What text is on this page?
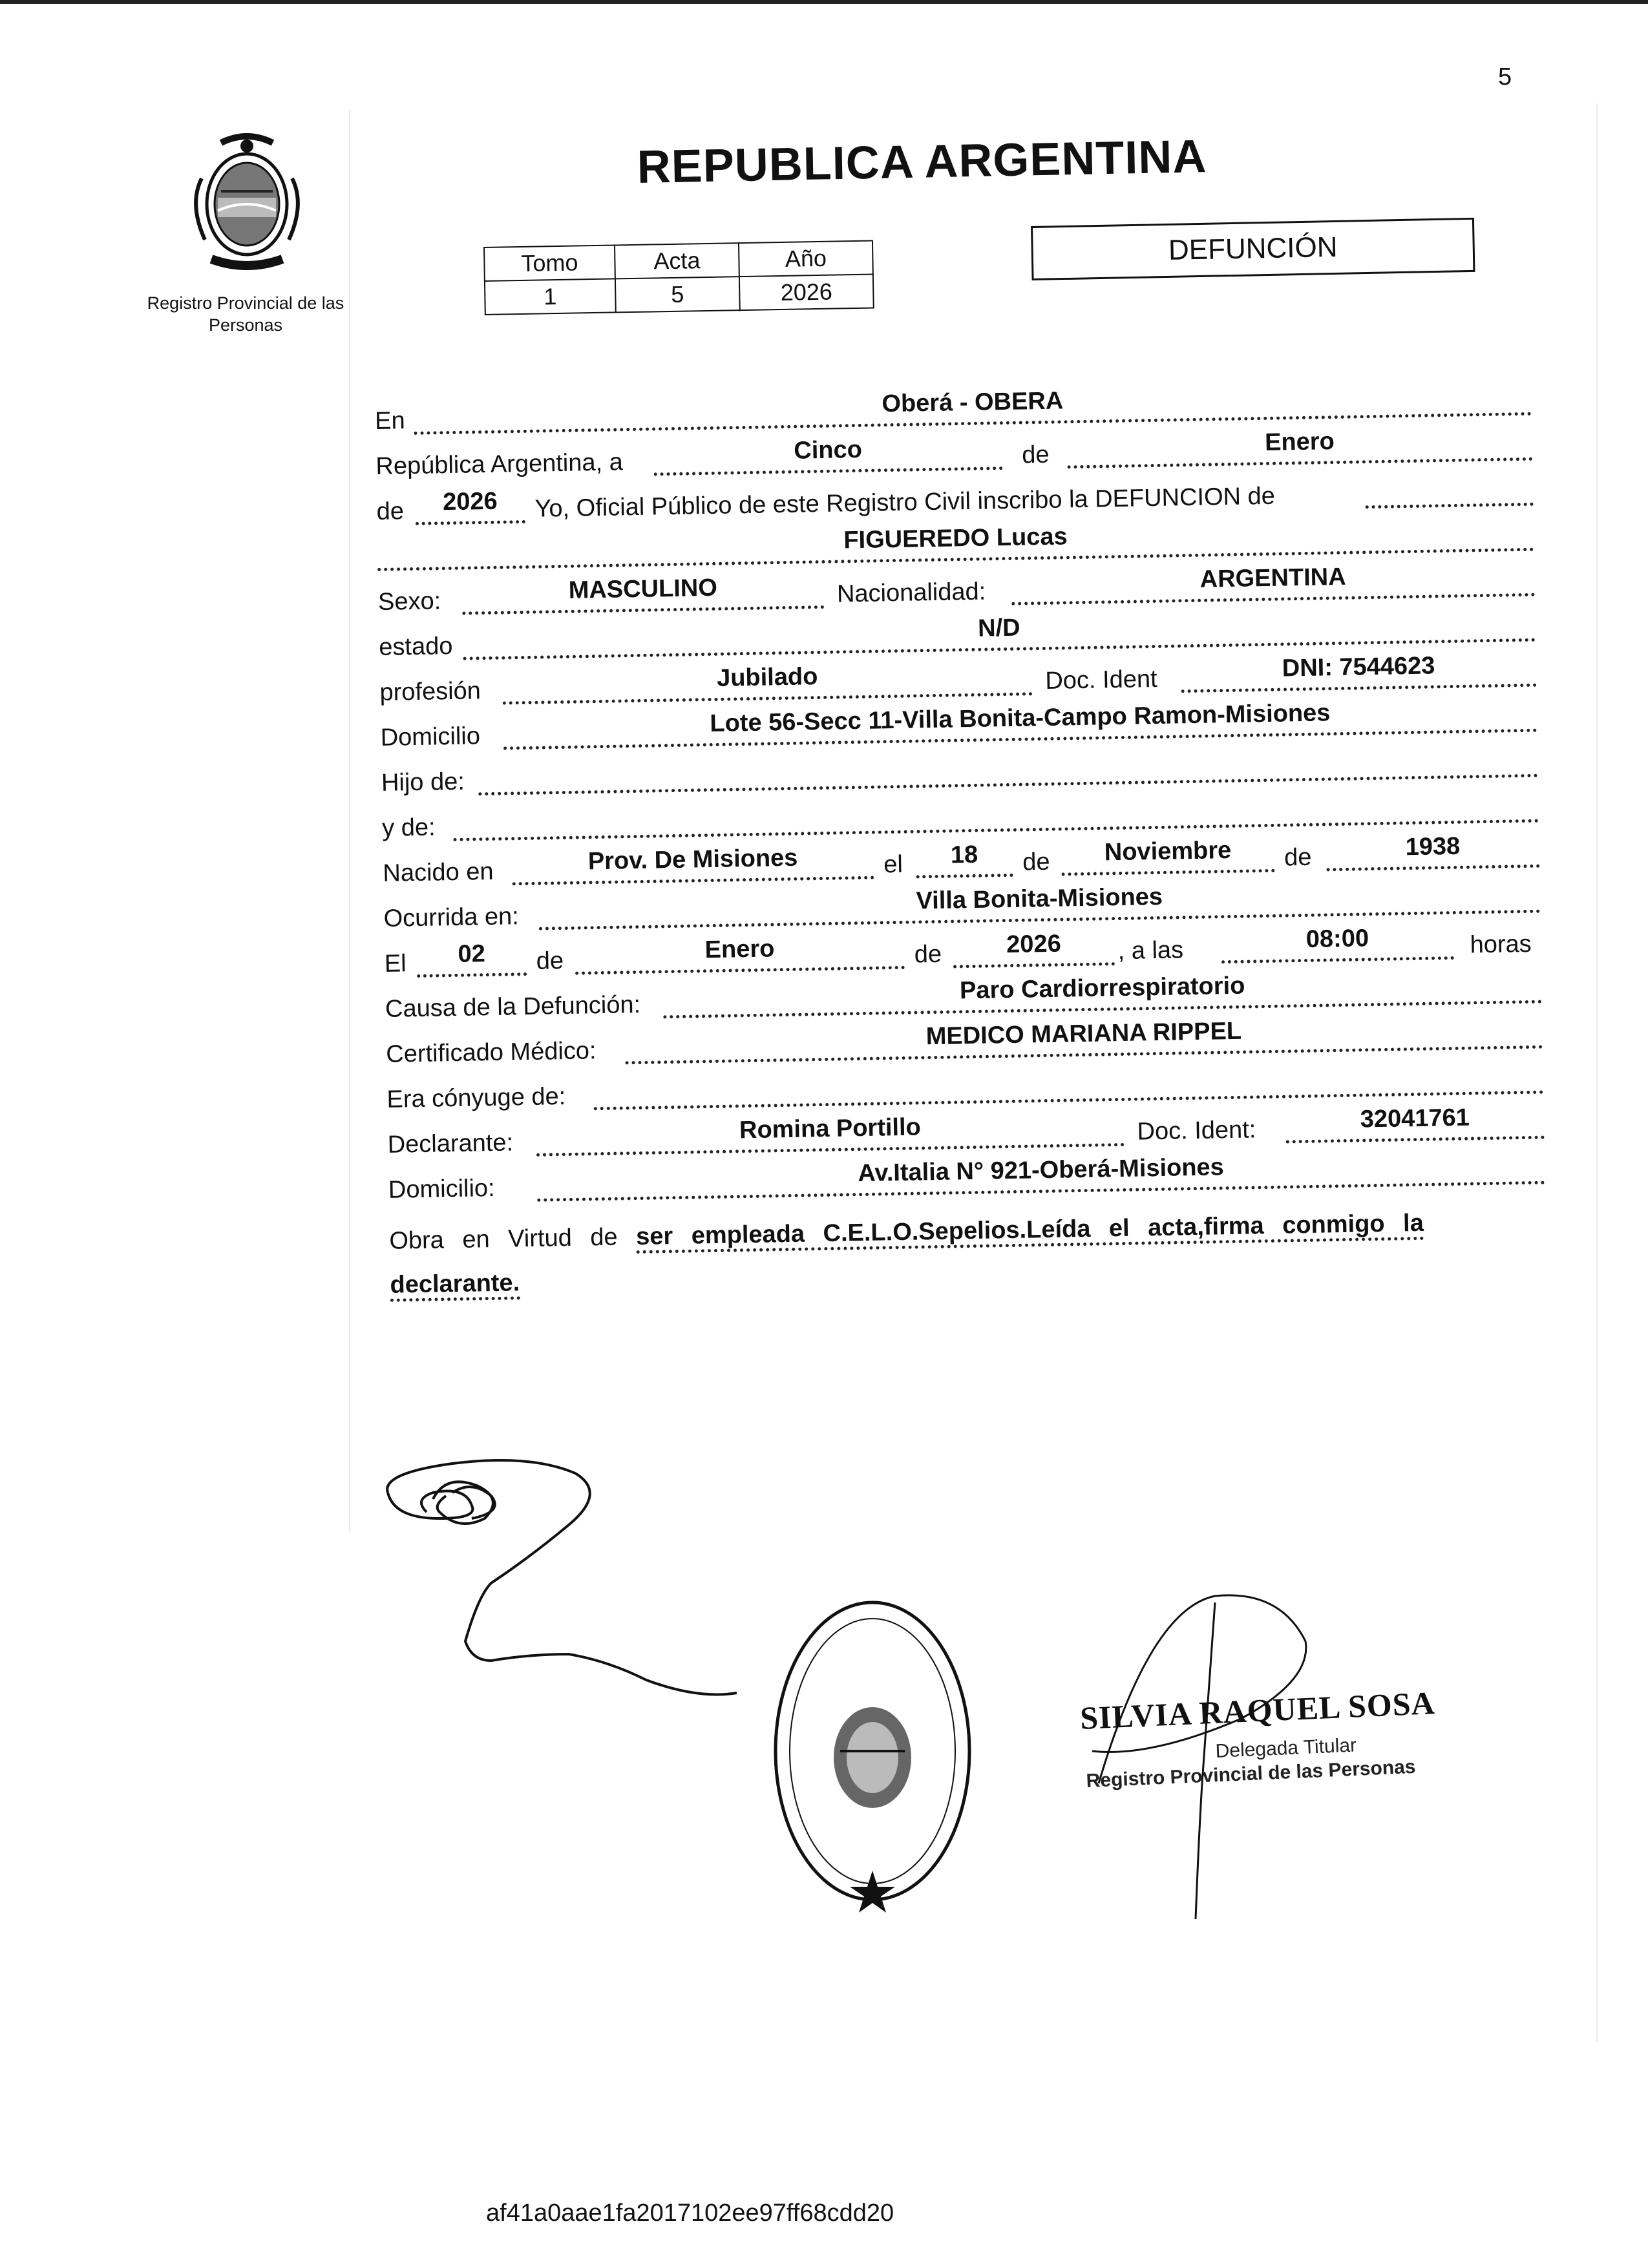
5
Registro Provincial de las Personas
REPUBLICA ARGENTINA
Tomo	Acta	Año
1	5	2026
DEFUNCIÓN
En
Oberá - OBERA
República Argentina, a	Cinco	de	Enero
de	2026	Yo, Oficial Público de este Registro Civil inscribo la DEFUNCION de
FIGUEREDO Lucas
Sexo:	MASCULINO	Nacionalidad:	ARGENTINA
estado
N/D
profesión	Jubilado	Doc. Ident	DNI: 7544623
Domicilio	Lote 56-Secc 11-Villa Bonita-Campo Ramon-Misiones
Hijo de:
y de:
Nacido en	Prov. De Misiones	el	18	de	Noviembre	de	1938
Ocurrida en:
Villa Bonita-Misiones
El	02	de	Enero	de	2026	, a las	08:00	horas
Causa de la Defunción:
Paro Cardiorrespiratorio
Certificado Médico:
MEDICO MARIANA RIPPEL
Era cónyuge de:
Declarante:	Romina Portillo	Doc. Ident:	32041761
Domicilio:
Av.Italia N° 921-Oberá-Misiones
Obra en Virtud de ser empleada C.E.L.O.Sepelios.Leída el acta,firma conmigo la
declarante.
SILVIA RAQUEL SOSA
Delegada Titular
Registro Provincial de las Personas
af41a0aae1fa2017102ee97ff68cdd20
